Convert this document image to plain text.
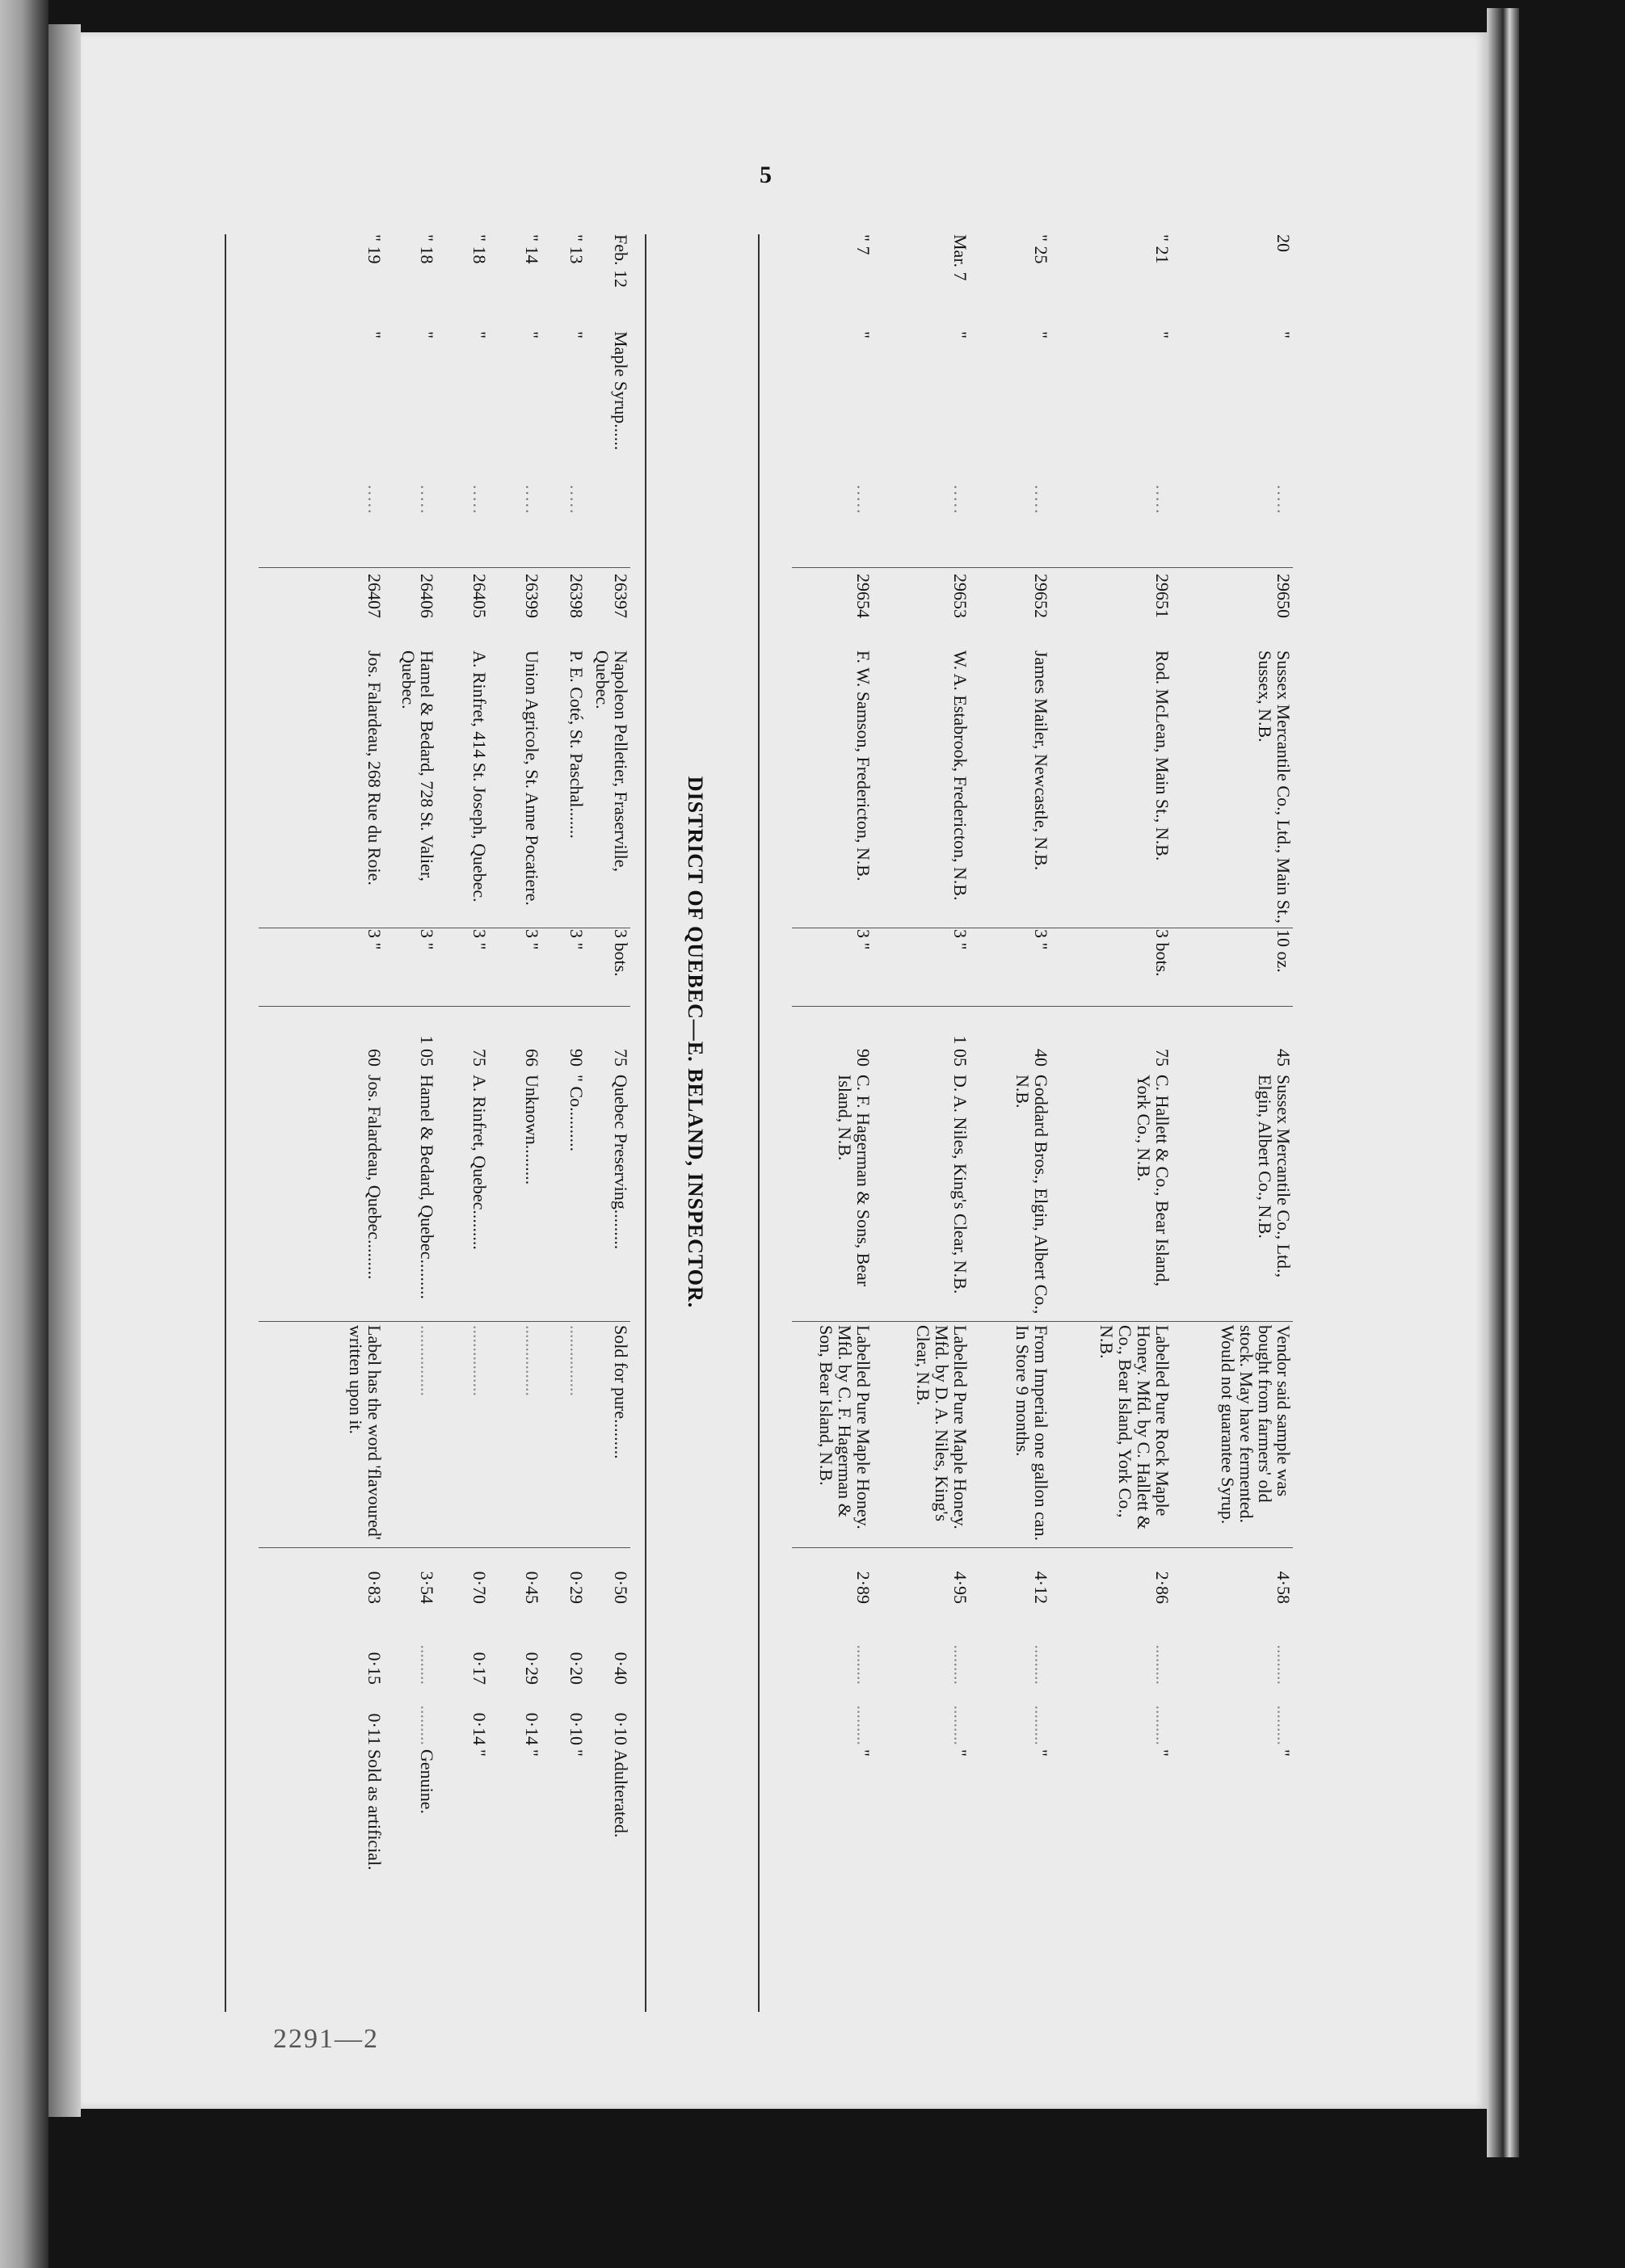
5
2291—2
20
"
.....
29650
Sussex Mercantile Co., Ltd., Main St., Sussex, N.B.
10 oz.
45
Sussex Mercantile Co., Ltd., Elgin, Albert Co., N.B.
Vendor said sample was bought from farmers' old stock. May have fermented. Would not guarantee Syrup.
4·58
.........
.........
"
" 21
"
.....
29651
Rod. McLean, Main St., N.B.
3 bots.
75
C. Hallett & Co., Bear Island, York Co., N.B.
Labelled Pure Rock Maple Honey. Mfd. by C. Hallett & Co., Bear Island, York Co., N.B.
2·86
.........
.........
"
" 25
"
.....
29652
James Mailer, Newcastle, N.B.
3 "
40
Goddard Bros., Elgin, Albert Co., N.B.
From Imperial one gallon can. In Store 9 months.
4·12
.........
.........
"
Mar. 7
"
.....
29653
W. A. Estabrook, Fredericton, N.B.
3 "
1 05
D. A. Niles, King's Clear, N.B.
Labelled Pure Maple Honey. Mfd. by D. A. Niles, King's Clear, N.B.
4·95
.........
.........
"
" 7
"
.....
29654
F. W. Samson, Fredericton, N.B.
3 "
90
C. F. Hagerman & Sons, Bear Island, N.B.
Labelled Pure Maple Honey. Mfd. by C. F. Hagerman & Son, Bear Island, N.B.
2·89
.........
.........
"
DISTRICT OF QUEBEC—E. BELAND, INSPECTOR.
Feb. 12
Maple Syrup......
26397
Napoleon Pelletier, Fraserville, Quebec.
3 bots.
75
Quebec Preserving.........
Sold for pure.........
0·50
0·40
0·10
Adulterated.
" 13
"
.....
26398
P. E. Coté, St. Paschal.......
3 "
90
" Co..........
................
0·29
0·20
0·10
"
" 14
"
.....
26399
Union Agricole, St. Anne Pocatiere.
3 "
66
Unknown.........
................
0·45
0·29
0·14
"
" 18
"
.....
26405
A. Rinfret, 414 St. Joseph, Quebec.
3 "
75
A. Rinfret, Quebec.........
................
0·70
0·17
0·14
"
" 18
"
.....
26406
Hamel & Bedard, 728 St. Valier, Quebec.
3 "
1 05
Hamel & Bedard, Quebec.........
................
3·54
.........
.........
Genuine.
" 19
"
.....
26407
Jos. Falardeau, 268 Rue du Roie.
3 "
60
Jos. Falardeau, Quebec.........
Label has the word 'flavoured' written upon it.
0·83
0·15
0·11
Sold as artificial.
